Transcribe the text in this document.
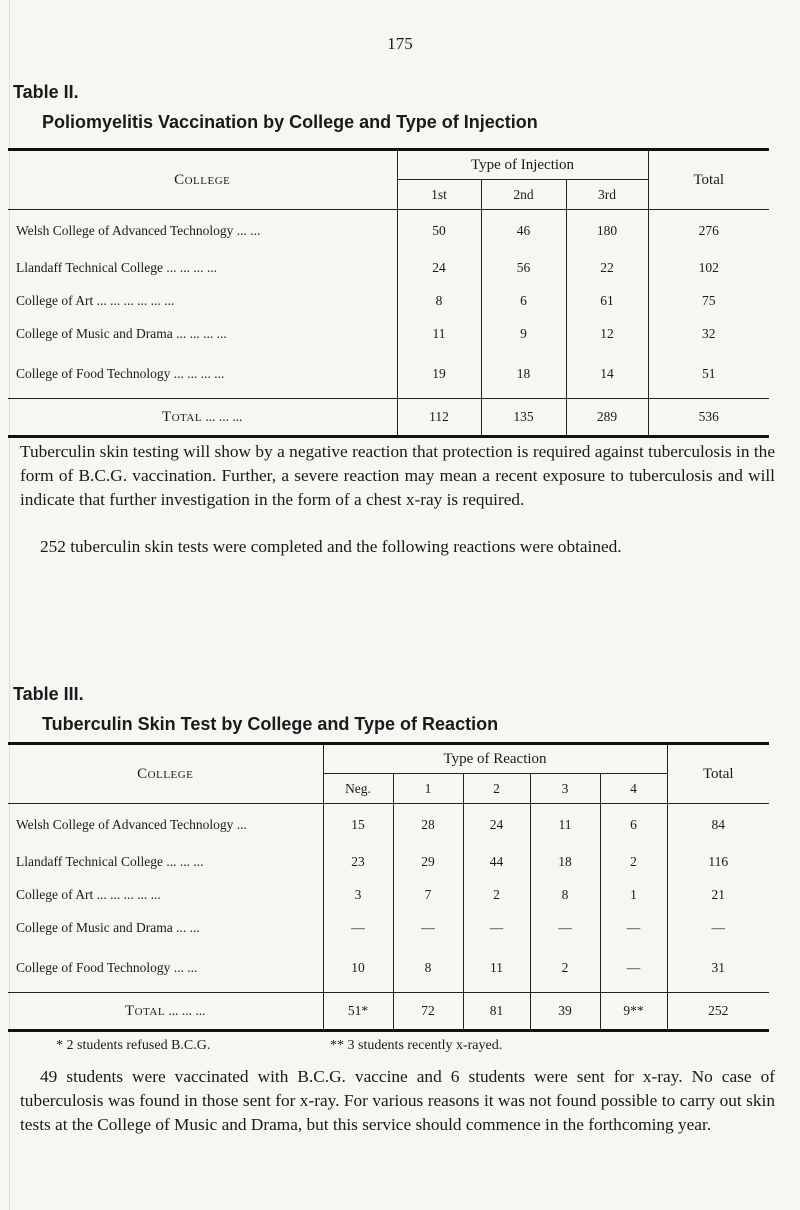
175
Table II.
Poliomyelitis Vaccination by College and Type of Injection
College	Type of Injection			Total
	1st	2nd	3rd	
Welsh College of Advanced Technology ... ...	50	46	180	276
Llandaff Technical College ... ... ... ...	24	56	22	102
College of Art ... ... ... ... ... ...	8	6	61	75
College of Music and Drama ... ... ... ...	11	9	12	32
College of Food Technology ... ... ... ...	19	18	14	51
Total ... ... ...	112	135	289	536

Tuberculin skin testing will show by a negative reaction that protection is required against tuberculosis in the form of B.C.G. vaccination. Further, a severe reaction may mean a recent exposure to tuberculosis and will indicate that further investigation in the form of a chest x-ray is required.

252 tuberculin skin tests were completed and the following reactions were obtained.

Table III.
Tuberculin Skin Test by College and Type of Reaction
College	Type of Reaction					Total
	Neg.	1	2	3	4	
Welsh College of Advanced Technology ...	15	28	24	11	6	84
Llandaff Technical College ... ... ...	23	29	44	18	2	116
College of Art ... ... ... ... ...	3	7	2	8	1	21
College of Music and Drama ... ...	—	—	—	—	—	—
College of Food Technology ... ...	10	8	11	2	—	31
Total ... ... ...	51*	72	81	39	9**	252
* 2 students refused B.C.G.	** 3 students recently x-rayed.

49 students were vaccinated with B.C.G. vaccine and 6 students were sent for x-ray. No case of tuberculosis was found in those sent for x-ray. For various reasons it was not found possible to carry out skin tests at the College of Music and Drama, but this service should commence in the forthcoming year.
